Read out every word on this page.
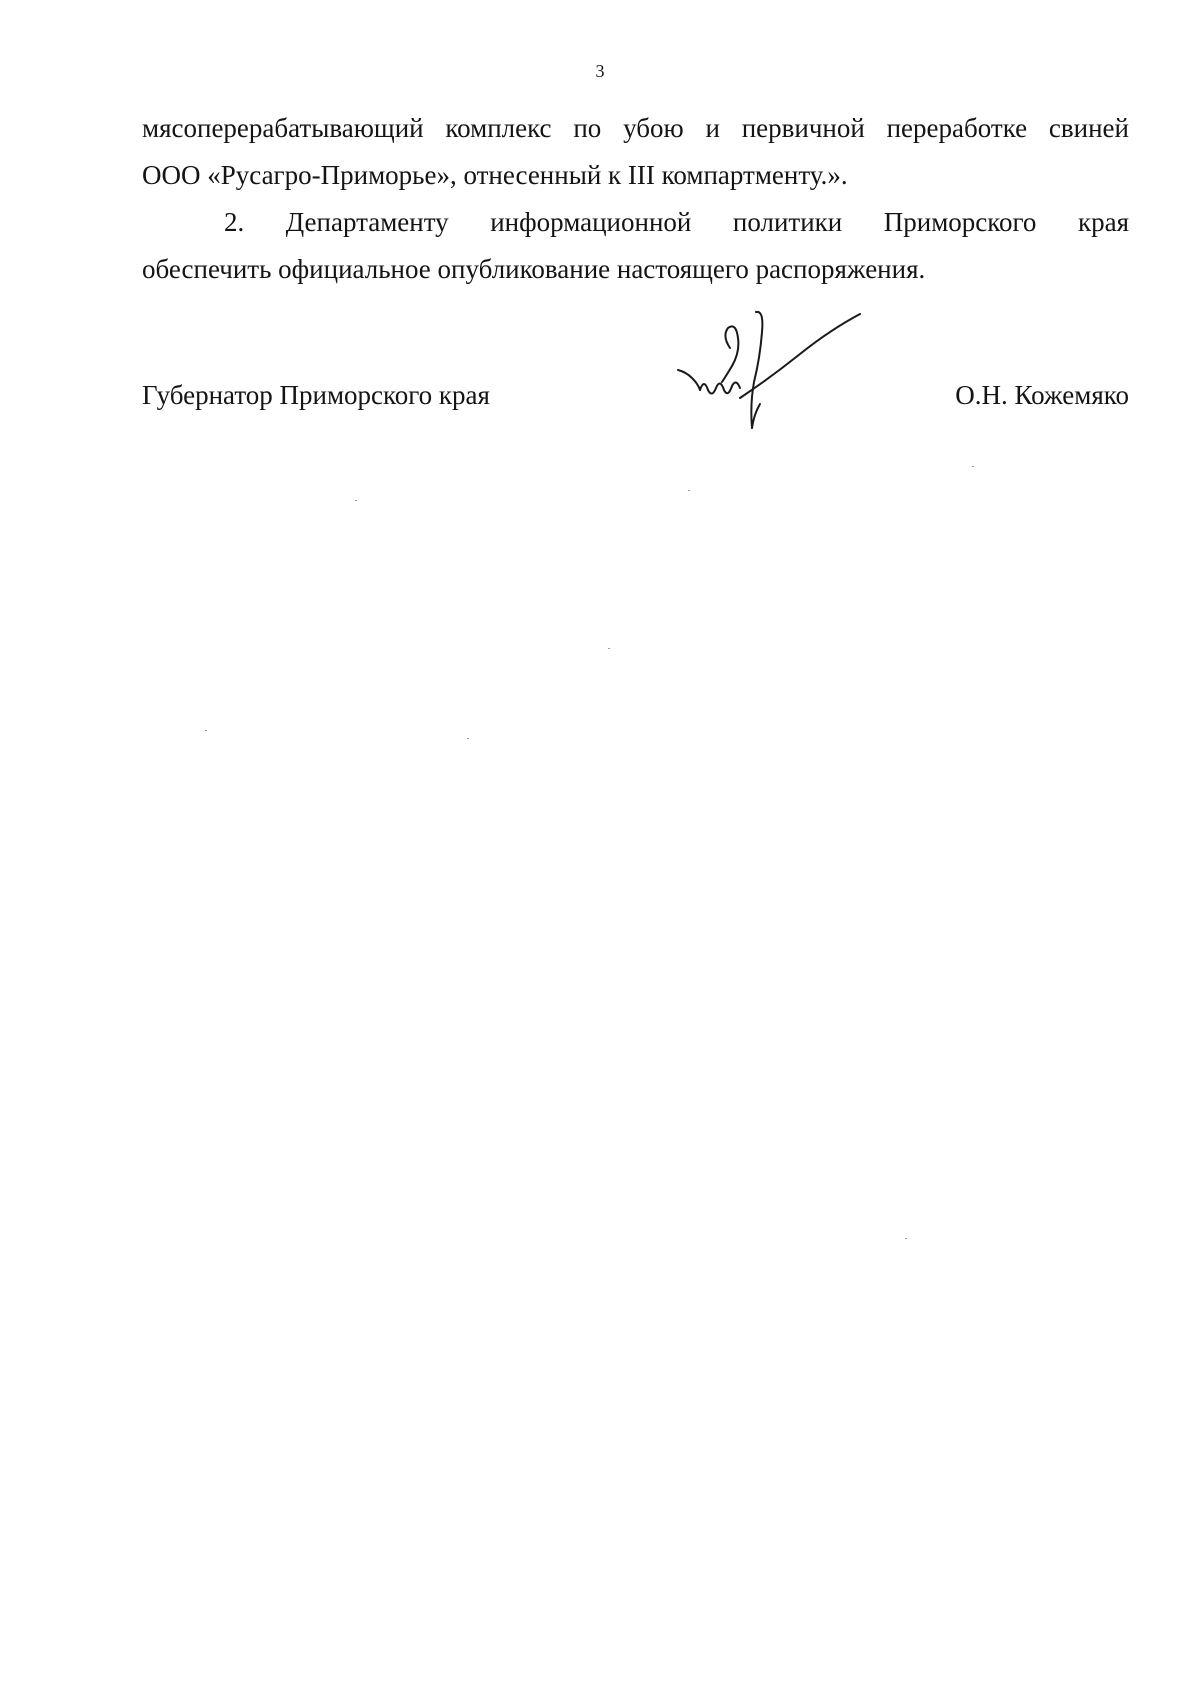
3

мясоперерабатывающий комплекс по убою и первичной переработке свиней
ООО «Русагро-Приморье», отнесенный к III компартменту.».

2. Департаменту информационной политики Приморского края
обеспечить официальное опубликование настоящего распоряжения.

Губернатор Приморского края	О.Н. Кожемяко
